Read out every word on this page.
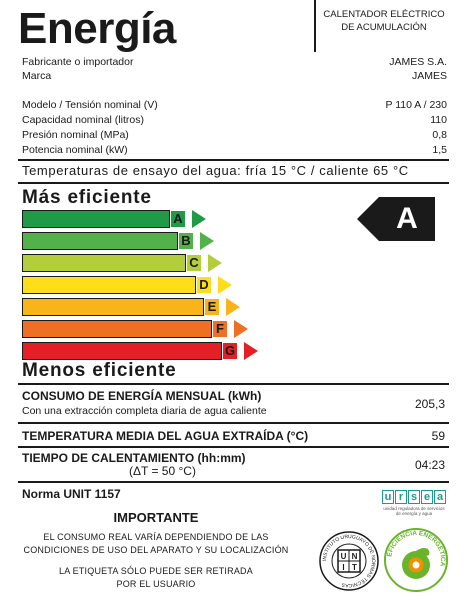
Energía	CALENTADOR ELÉCTRICO
DE ACUMULACIÓN
Fabricante o importador	JAMES S.A.
Marca	JAMES
Modelo / Tensión nominal (V)	P 110 A / 230
Capacidad nominal (litros)	110
Presión nominal (MPa)	0,8
Potencia nominal (kW)	1,5
Temperaturas de ensayo del agua: fría 15 °C / caliente 65 °C
Más eficiente
A
B
C
D
E
F
G
A
Menos eficiente
CONSUMO DE ENERGÍA MENSUAL (kWh)
Con una extracción completa diaria de agua caliente	205,3
TEMPERATURA MEDIA DEL AGUA EXTRAÍDA (°C)	59
TIEMPO DE CALENTAMIENTO (hh:mm)
(ΔT = 50 °C)	04:23
Norma UNIT 1157
IMPORTANTE
EL CONSUMO REAL VARÍA DEPENDIENDO DE LAS
CONDICIONES DE USO DEL APARATO Y SU LOCALIZACIÓN
LA ETIQUETA SÓLO PUEDE SER RETIRADA
POR EL USUARIO
u r s e a
unidad reguladora de servicios
de energía y agua
INSTITUTO URUGUAYO DE NORMAS TÉCNICAS
U N
I T
EFICIENCIA ENERGÉTICA
